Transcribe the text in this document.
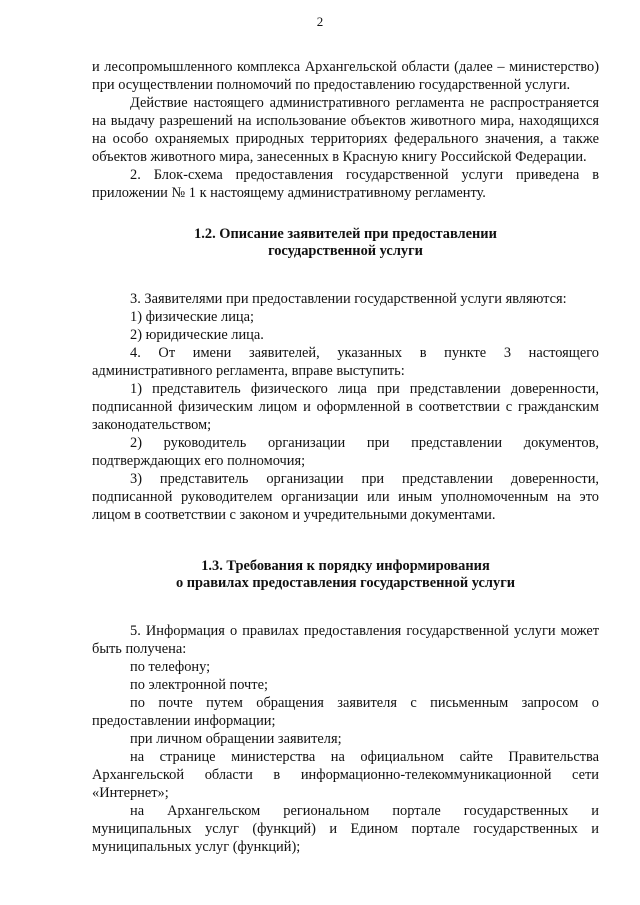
2

и лесопромышленного комплекса Архангельской области (далее – министерство) при осуществлении полномочий по предоставлению государственной услуги.

Действие настоящего административного регламента не распространяется на выдачу разрешений на использование объектов животного мира, находящихся на особо охраняемых природных территориях федерального значения, а также объектов животного мира, занесенных в Красную книгу Российской Федерации.

2. Блок-схема предоставления государственной услуги приведена в приложении № 1 к настоящему административному регламенту.

1.2. Описание заявителей при предоставлении
государственной услуги

3. Заявителями при предоставлении государственной услуги являются:

1) физические лица;

2) юридические лица.

4. От имени заявителей, указанных в пункте 3 настоящего административного регламента, вправе выступить:

1) представитель физического лица при представлении доверенности, подписанной физическим лицом и оформленной в соответствии с гражданским законодательством;

2) руководитель организации при представлении документов, подтверждающих его полномочия;

3) представитель организации при представлении доверенности, подписанной руководителем организации или иным уполномоченным на это лицом в соответствии с законом и учредительными документами.

1.3. Требования к порядку информирования
о правилах предоставления государственной услуги

5. Информация о правилах предоставления государственной услуги может быть получена:

по телефону;

по электронной почте;

по почте путем обращения заявителя с письменным запросом о предоставлении информации;

при личном обращении заявителя;

на странице министерства на официальном сайте Правительства Архангельской области в информационно-телекоммуникационной сети «Интернет»;

на Архангельском региональном портале государственных и муниципальных услуг (функций) и Едином портале государственных и муниципальных услуг (функций);
